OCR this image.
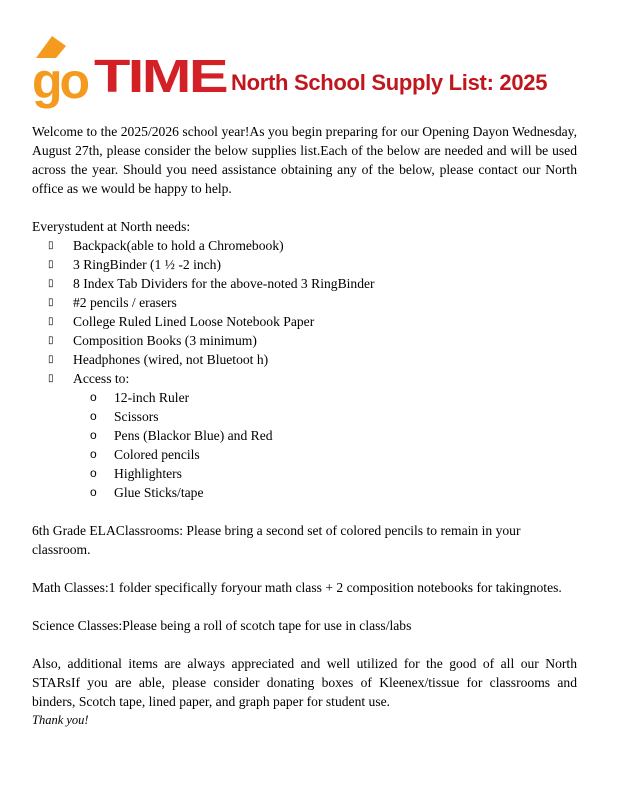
go TIME North School Supply List: 2025

Welcome to the 2025/2026 school year!As you begin preparing for our Opening Dayon Wednesday, August 27th, please consider the below supplies list.Each of the below are needed and will be used across the year. Should you need assistance obtaining any of the below, please contact our North office as we would be happy to help.

Everystudent at North needs:

▯ Backpack(able to hold a Chromebook)
▯ 3 RingBinder (1 ½ -2 inch)
▯ 8 Index Tab Dividers for the above-noted 3 RingBinder
▯ #2 pencils / erasers
▯ College Ruled Lined Loose Notebook Paper
▯ Composition Books (3 minimum)
▯ Headphones (wired, not Bluetoot h)
▯ Access to:
o 12-inch Ruler
o Scissors
o Pens (Blackor Blue) and Red
o Colored pencils
o Highlighters
o Glue Sticks/tape

6th Grade ELAClassrooms: Please bring a second set of colored pencils to remain in your classroom.

Math Classes:1 folder specifically foryour math class + 2 composition notebooks for takingnotes.

Science Classes:Please being a roll of scotch tape for use in class/labs

Also, additional items are always appreciated and well utilized for the good of all our North STARsIf you are able, please consider donating boxes of Kleenex/tissue for classrooms and binders, Scotch tape, lined paper, and graph paper for student use.

Thank you!
